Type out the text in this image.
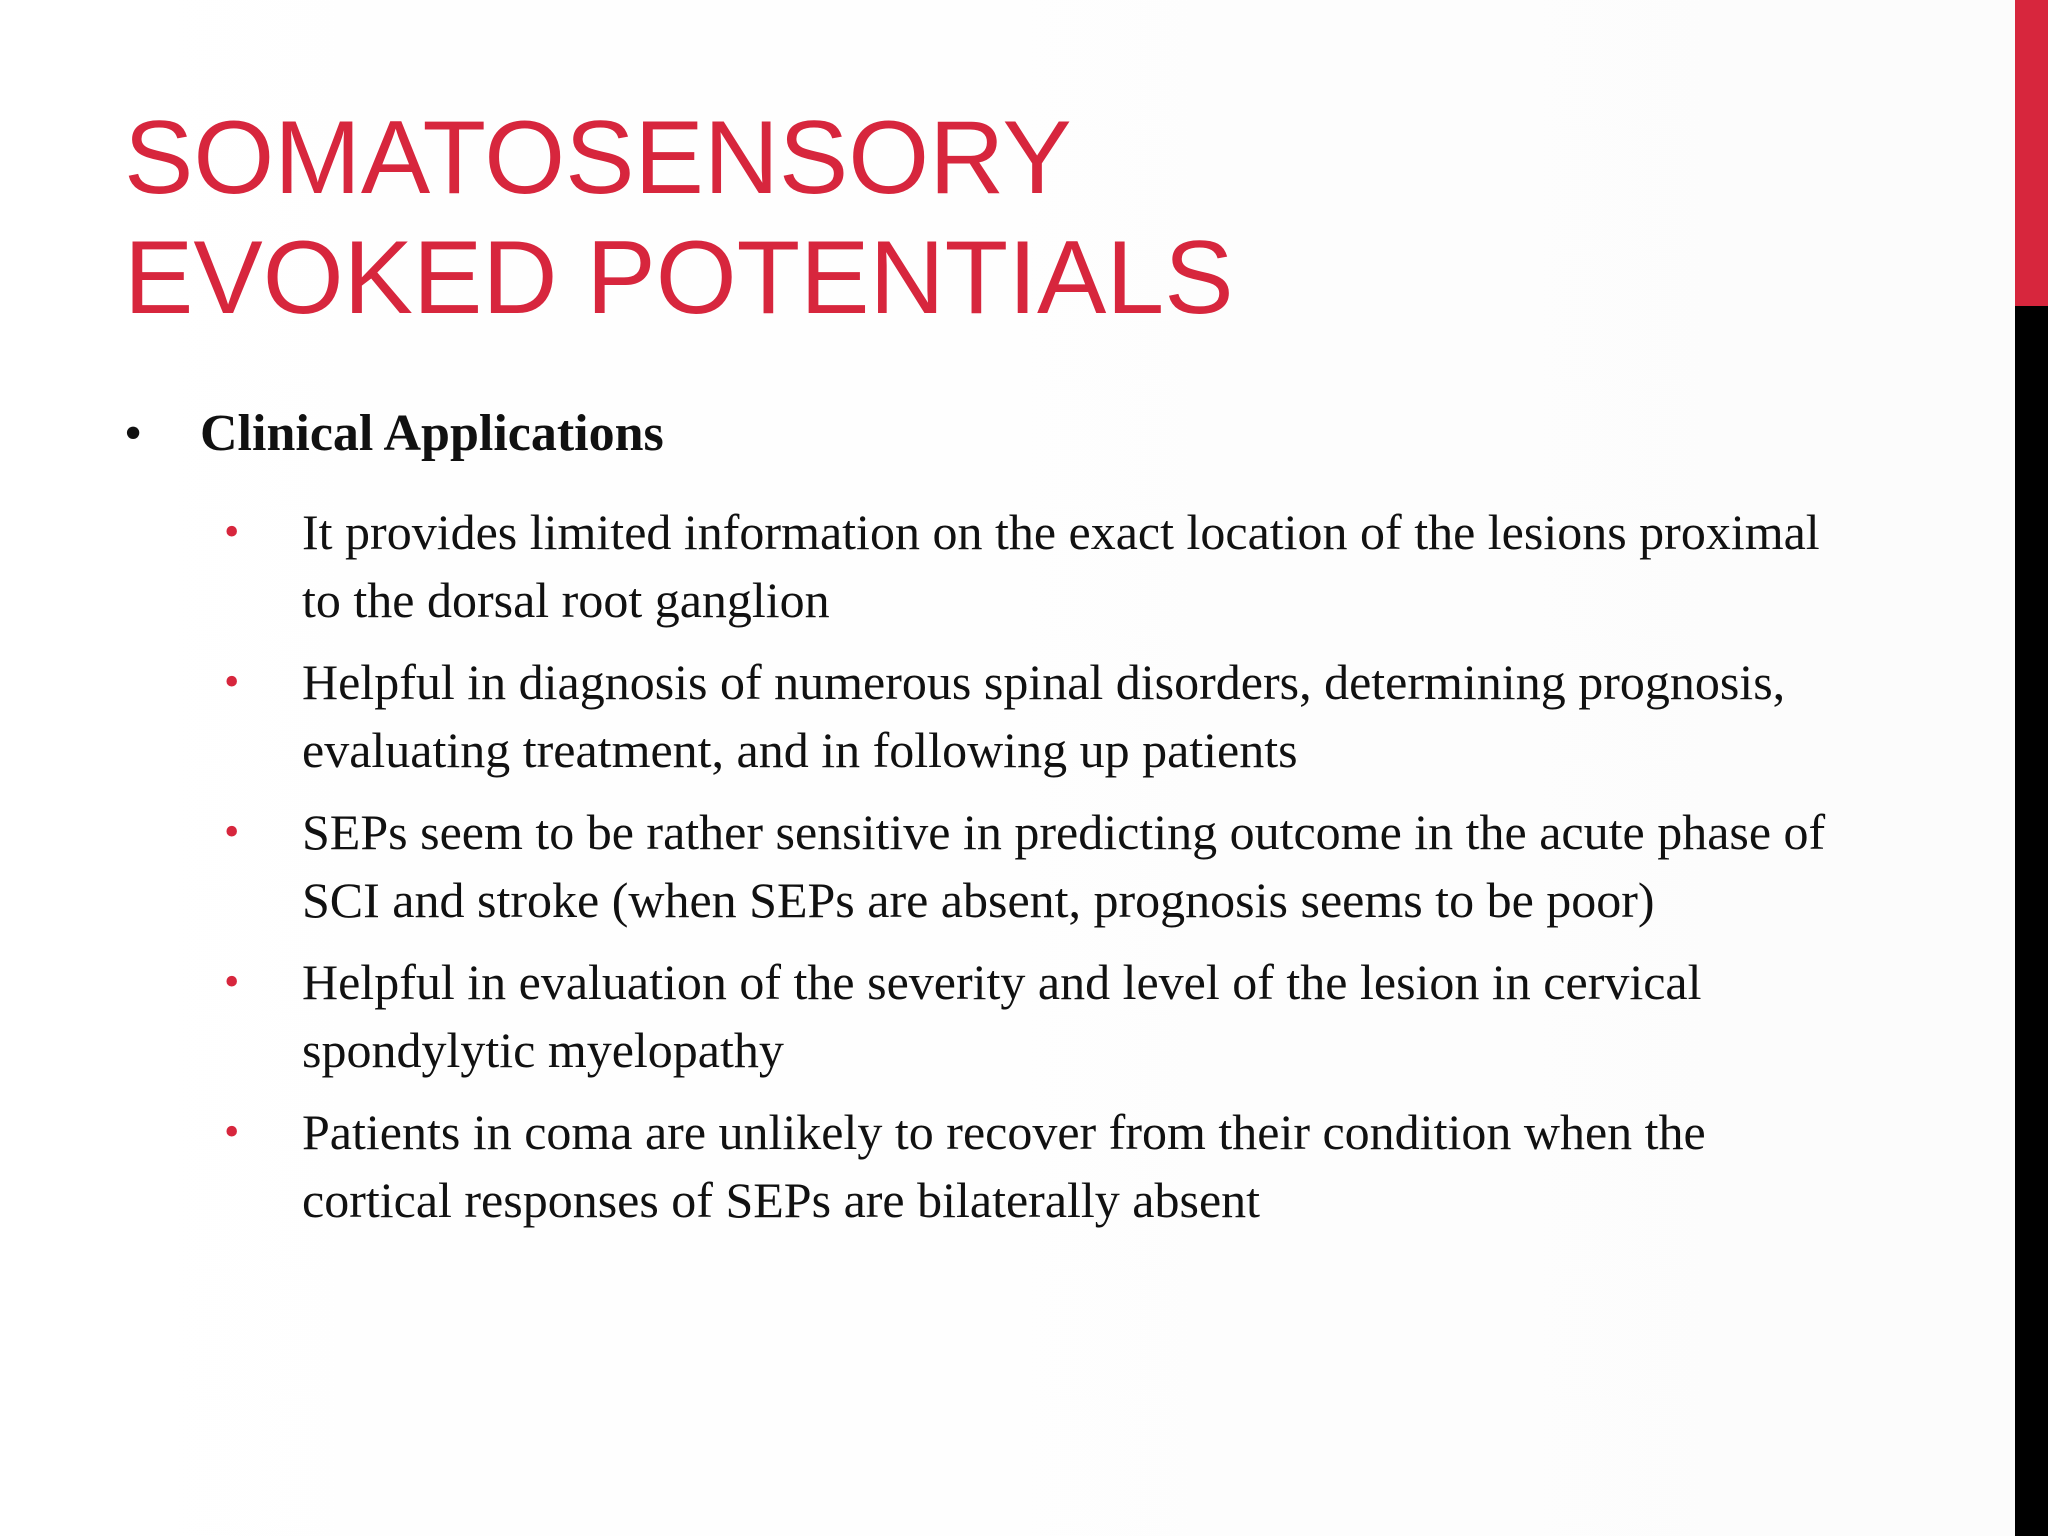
SOMATOSENSORY
EVOKED POTENTIALS
• Clinical Applications
• It provides limited information on the exact location of the lesions proximal to the dorsal root ganglion
• Helpful in diagnosis of numerous spinal disorders, determining prognosis, evaluating treatment, and in following up patients
• SEPs seem to be rather sensitive in predicting outcome in the acute phase of SCI and stroke (when SEPs are absent, prognosis seems to be poor)
• Helpful in evaluation of the severity and level of the lesion in cervical spondylytic myelopathy
• Patients in coma are unlikely to recover from their condition when the cortical responses of SEPs are bilaterally absent
